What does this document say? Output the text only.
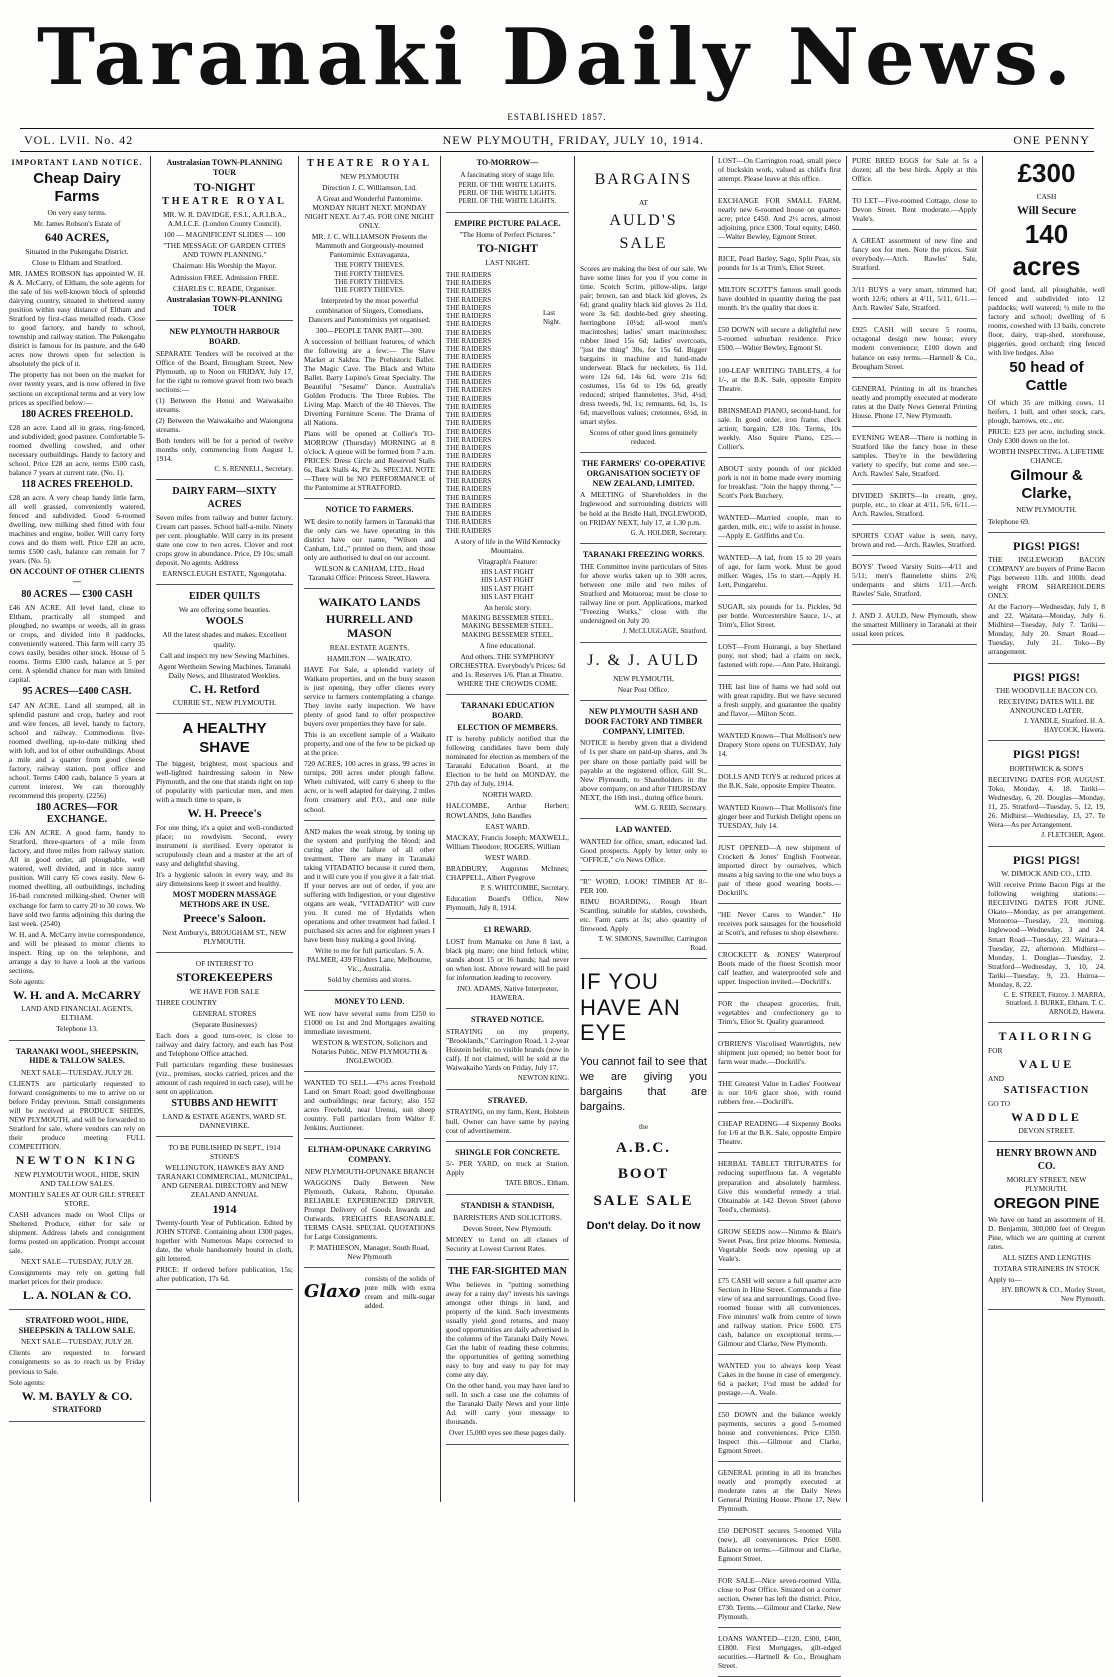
Taranaki Daily News.
ESTABLISHED 1857.
VOL. LVII. No. 42	NEW PLYMOUTH, FRIDAY, JULY 10, 1914.	ONE PENNY
IMPORTANT LAND NOTICE.
Cheap Dairy Farms

On very easy terms.

Mr. James Robson's Estate of

640 ACRES,

Situated in the Pukengahu District.

Close to Eltham and Stratford.

MR. JAMES ROBSON has appointed W. H. & A. McCarry, of Eltham, the sole agents for the sale of his well-known block of splendid dairying country, situated in sheltered sunny position within easy distance of Eltham and Stratford by first-class metalled roads. Close to good factory, and handy to school, township and railway station. The Pukengahu district is famous for its pasture, and the 640 acres now thrown open for selection is absolutely the pick of it.

The property has not been on the market for over twenty years, and is now offered in five sections on exceptional terms and at very low prices as specified below:—

180 ACRES FREEHOLD.

£28 an acre. Land all in grass, ring-fenced, and subdivided; good pasture. Comfortable 5-roomed dwelling cowshed, and other necessary outbuildings. Handy to factory and school. Price £28 an acre, terms £500 cash, balance 7 years at current rate. (No. 1).

118 ACRES FREEHOLD.

£28 an acre. A very cheap handy little farm, all well grassed, conveniently watered, fenced and subdivided. Good 6-roomed dwelling, new milking shed fitted with four machines and engine, boiler. Will carry forty cows and do them well. Price £28 an acre, terms £500 cash, balance can remain for 7 years. (No. 5).

ON ACCOUNT OF OTHER CLIENTS—
80 ACRES — £300 CASH

£46 AN ACRE. All level land, close to Eltham, practically all stumped and ploughed, no swamps or weeds, all in grass or crops, and divided into 8 paddocks, conveniently watered. This farm will carry 35 cows easily, besides other stock. House of 5 rooms. Terms £300 cash, balance at 5 per cent. A splendid chance for man with limited capital.

95 ACRES—£400 CASH.

£47 AN ACRE. Land all stumped, all in splendid pasture and crop, barley and root and wire fences, all level, handy to factory, school and railway. Commodious five-roomed dwelling, up-to-date milking shed with loft, and lot of other outbuildings. About a mile and a quarter from good cheese factory, railway station, post office and school. Terms £400 cash, balance 5 years at current interest. We can thoroughly recommend this property. (2256)

180 ACRES—FOR EXCHANGE.

£36 AN ACRE. A good farm, handy to Stratford, three-quarters of a mile from factory, and three miles from railway station. All in good order, all ploughable, well watered, well divided, and in nice sunny position. Will carry 65 cows easily. New 6-roomed dwelling, all outbuildings, including 16-bail concreted milking-shed. Owner will exchange for farm to carry 20 to 30 cows. We have sold two farms adjoining this during the last week. (2540)

W. H. and A. McCarry invite correspondence, and will be pleased to motor clients to inspect. Ring up on the telephone, and arrange a day to have a look at the various sections.

Sole agents:

W. H. and A. McCARRY

LAND AND FINANCIAL AGENTS, ELTHAM.

Telephone 13.

TARANAKI WOOL, SHEEPSKIN, HIDE & TALLOW SALES.

NEXT SALE—TUESDAY, JULY 28.

CLIENTS are particularly requested to forward consignments to me to arrive on or before Friday previous. Small consignments will be received at PRODUCE SHEDS, NEW PLYMOUTH, and will be forwarded to Stratford for sale, where vendors can rely on their produce meeting FULL COMPETITION.

NEWTON KING

NEW PLYMOUTH WOOL, HIDE, SKIN AND TALLOW SALES.

MONTHLY SALES AT OUR GILL STREET STORE.

CASH advances made on Wool Clips or Sheltered Produce, either for sale or shipment. Address labels and consignment forms posted on application. Prompt account sale.

NEXT SALE—TUESDAY, JULY 28.

Consignments may rely on getting full market prices for their produce.

L. A. NOLAN & CO.
STRATFORD WOOL, HIDE, SHEEPSKIN & TALLOW SALE.

NEXT SALE—TUESDAY, JULY 28.

Clients are requested to forward consignments so as to reach us by Friday previous to Sale.

Sole agents:

W. M. BAYLY & CO.
STRATFORD
Australasian TOWN-PLANNING TOUR
TO-NIGHT
THEATRE ROYAL

MR. W. R. DAVIDGE, F.S.I., A.R.I.B.A., A.M.I.C.E. (London County Council).

100 — MAGNIFICENT SLIDES — 100

"THE MESSAGE OF GARDEN CITIES AND TOWN PLANNING."

Chairman: His Worship the Mayor.

Admission FREE. Admission FREE.

CHARLES C. READE, Organiser.

Australasian TOWN-PLANNING TOUR
NEW PLYMOUTH HARBOUR BOARD.

SEPARATE Tenders will be received at the Office of the Board, Brougham Street, New Plymouth, up to Noon on FRIDAY, July 17, for the right to remove gravel from two beach sections:—

(1) Between the Henui and Waiwakaiho streams.

(2) Between the Waiwakaiho and Waiongona streams.

Both tenders will be for a period of twelve months only, commencing from August 1, 1914.

C. S. RENNELL, Secretary.

DAIRY FARM—SIXTY ACRES

Seven miles from railway and butter factory. Cream cart passes. School half-a-mile. Ninety per cent. ploughable. Will carry in its present state one cow to two acres. Clover and root crops grow in abundance. Price, £9 10s; small deposit. No agents. Address

EARNSCLEUGH ESTATE, Ngongotaha.

EIDER QUILTS

We are offering some beauties.

WOOLS

All the latest shades and makes. Excellent quality.

Call and inspect my new Sewing Machines.

Agent Wertheim Sewing Machines, Taranaki Daily News, and Illustrated Weeklies.

C. H. Retford

CURRIE ST., NEW PLYMOUTH.

A HEALTHY SHAVE

The biggest, brightest, most spacious and well-lighted hairdressing saloon in New Plymouth, and the one that stands right on top of popularity with particular men, and men with a much time to spare, is

W. H. Preece's

For one thing, it's a quiet and well-conducted place; no rowdyism. Second, every instrument is sterilised. Every operator is scrupulously clean and a master at the art of easy and delightful shaving.

It's a hygienic saloon in every way, and its airy dimensions keep it sweet and healthy.

MOST MODERN MASSAGE METHODS ARE IN USE.
Preece's Saloon.

Next Ambury's, BROUGHAM ST., NEW PLYMOUTH.

OF INTEREST TO

STOREKEEPERS

WE HAVE FOR SALE

THREE COUNTRY

GENERAL STORES

(Separate Businesses)

Each does a good turn-over, is close to railway and dairy factory, and each has Post and Telephone Office attached.

Full particulars regarding these businesses (viz., premises, stocks carried, prices and the amount of cash required in each case), will be sent on application.

STUBBS AND HEWITT

LAND & ESTATE AGENTS, WARD ST. DANNEVIRKE.

TO BE PUBLISHED IN SEPT., 1914 STONE'S

WELLINGTON, HAWKE'S BAY AND TARANAKI COMMERCIAL, MUNICIPAL, AND GENERAL DIRECTORY and NEW ZEALAND ANNUAL

1914

Twenty-fourth Year of Publication. Edited by JOHN STONE. Containing about 1300 pages, together with Numerous Maps corrected to date, the whole handsomely bound in cloth, gilt lettered.

PRICE: If ordered before publication, 15s; after publication, 17s 6d.

THEATRE ROYAL

NEW PLYMOUTH

Direction J. C. Williamson, Ltd.

A Great and Wonderful Pantomime. MONDAY NIGHT NEXT. MONDAY NIGHT NEXT. At 7.45. FOR ONE NIGHT ONLY.

MR. J. C. WILLIAMSON Presents the Mammoth and Gorgeously-mounted Pantomimic Extravaganza,

THE FORTY THIEVES.
THE FORTY THIEVES.
THE FORTY THIEVES.
THE FORTY THIEVES.

Interpreted by the most powerful combination of Singers, Comedians, Dancers and Pantomimists yet organised.

300—PEOPLE TANK PART—300.

A succession of brilliant features, of which the following are a few:— The Slave Market at Sakhra. The Prehistoric Ballet. The Magic Cave. The Black and White Ballet. Barry Lupino's Great Specialty. The Beautiful "Sesame" Dance. Australia's Golden Products. The Three Rubies. The Living Map. March of the 40 Thieves. The Diverting Furniture Scene. The Drama of all Nations.

Plans will be opened at Collier's TO-MORROW (Thursday) MORNING at 8 o'clock. A queue will be formed from 7 a.m. PRICES: Dress Circle and Reserved Stalls 6s, Back Stalls 4s, Pit 2s. SPECIAL NOTE—There will be NO PERFORMANCE of the Pantomime at STRATFORD.

NOTICE TO FARMERS.

WE desire to notify farmers in Taranaki that the only cars we have operating in this district have our name, "Wilson and Canham, Ltd.," printed on them, and those only are authorised to deal on our account.

WILSON & CANHAM, LTD., Head Taranaki Office: Princess Street, Hawera.

WAIKATO LANDS
HURRELL AND MASON

REAL ESTATE AGENTS.

HAMILTON — WAIKATO.

HAVE For Sale, a splendid variety of Waikato properties, and on the busy season is just opening, they offer clients every service to farmers contemplating a change. They invite early inspection. We have plenty of good land to offer prospective buyers over properties they have for sale.

This is an excellent sample of a Waikato property, and one of the few to be picked up at the price.

720 ACRES, 100 acres in grass, 99 acres in turnips, 200 acres under plough fallow. When cultivated, will carry 6 sheep to the acre, or is well adapted for dairying. 2 miles from creamery and P.O., and one mile school.

AND makes the weak strong, by toning up the system and purifying the blood; and curing after the failure of all other treatment. There are many in Taranaki taking VITADATIO because it cured them, and it will cure you if you give it a fair trial. If your nerves are out of order, if you are suffering with Indigestion, or your digestive organs are weak, "VITADATIO" will cure you. It cured me of Hydatids when operations and other treatment had failed. I purchased six acres and for eighteen years I have been busy making a good living.

Write to me for full particulars. S. A. PALMER, 439 Flinders Lane, Melbourne, Vic., Australia.

Sold by chemists and stores.

MONEY TO LEND.

WE now have several sums from £250 to £1000 on 1st and 2nd Mortgages awaiting immediate investment.

WESTON & WESTON, Solicitors and Notaries Public, NEW PLYMOUTH & INGLEWOOD.

WANTED TO SELL—47½ acres Freehold Land on Smart Road; good dwellinghouse and outbuildings; near factory; also 152 acres Freehold, near Urenui, suit sheep country. Full particulars from Walter F. Jenkins, Auctioneer.

ELTHAM-OPUNAKE CARRYING COMPANY.

NEW PLYMOUTH-OPUNAKE BRANCH

WAGGONS Daily Between New Plymouth, Oakura, Rahotu, Opunake. RELIABLE EXPERIENCED DRIVER. Prompt Delivery of Goods Inwards and Outwards. FREIGHTS REASONABLE. TERMS CASH. SPECIAL QUOTATIONS for Large Consignments.

P. MATHIESON, Manager, South Road, New Plymouth

Glaxo

consists of the solids of pure milk with extra cream and milk-sugar added.

TO-MORROW—

A fascinating story of stage life.

PERIL OF THE WHITE LIGHTS.
PERIL OF THE WHITE LIGHTS.
PERIL OF THE WHITE LIGHTS.
EMPIRE PICTURE PALACE.

"The Home of Perfect Pictures."

TO-NIGHT

LAST NIGHT.

THE RAIDERS
THE RAIDERS
THE RAIDERS
THE RAIDERS
THE RAIDERS
THE RAIDERS
THE RAIDERS
THE RAIDERS
THE RAIDERS
THE RAIDERS
THE RAIDERS
THE RAIDERS
THE RAIDERS
THE RAIDERS
THE RAIDERS
THE RAIDERS
THE RAIDERS
THE RAIDERS
THE RAIDERS
THE RAIDERS
THE RAIDERS
THE RAIDERS
THE RAIDERS
THE RAIDERS
THE RAIDERS
THE RAIDERS
THE RAIDERS
THE RAIDERS
THE RAIDERS
THE RAIDERS
THE RAIDERS
THE RAIDERS
Last Night.

A story of life in the Wild Kentucky Mountains.

Vitagraph's Feature:

HIS LAST FIGHT
HIS LAST FIGHT
HIS LAST FIGHT
HIS LAST FIGHT

An heroic story.

MAKING BESSEMER STEEL.
MAKING BESSEMER STEEL.
MAKING BESSEMER STEEL.

A fine educational.

And others. THE SYMPHONY ORCHESTRA. Everybody's Prices: 6d and 1s. Reserves 1/6. Plan at Theatre. WHERE THE CROWDS COME.

TARANAKI EDUCATION BOARD.
ELECTION OF MEMBERS.

IT is hereby publicly notified that the following candidates have been duly nominated for election as members of the Taranaki Education Board, at the Election to be held on MONDAY, the 27th day of July, 1914.

NORTH WARD.

HALCOMBE, Arthur Herbert; ROWLANDS, John Bandles

EAST WARD.

MACKAY, Francis Joseph; MAXWELL, William Theodore; ROGERS, William

WEST WARD.

BRADBURY, Augustus McInnes; CHAPPELL, Albert Pyegrove

P. S. WHITCOMBE, Secretary.

Education Board's Office, New Plymouth, July 8, 1914.

£1 REWARD.

LOST from Mamaku on June 8 last, a black pig mare; one hind fetlock white; stands about 15 or 16 hands; had never on when lost. Above reward will be paid for information leading to recovery.

JNO. ADAMS, Native Interpreter, HAWERA.

STRAYED NOTICE.

STRAYING on my property, "Brooklands," Carrington Road, 1 2-year Hoistein heifer, no visible brands (now in calf). If not claimed, will be sold at the Waiwakaiho Yards on Friday, July 17.

NEWTON KING.

STRAYED.

STRAYING, on my farm, Kent, Holstein bull. Owner can have same by paying cost of advertisement.

SHINGLE FOR CONCRETE.

5/- PER YARD, on truck at Station. Apply

TATE BROS., Eltham.

STANDISH & STANDISH,

BARRISTERS AND SOLICITORS.

Devon Street, New Plymouth.

MONEY to Lend on all classes of Security at Lowest Current Rates.

THE FAR-SIGHTED MAN

Who believes in "putting something away for a rainy day" invests his savings amongst other things in land, and property of the kind. Such investments usually yield good returns, and many good opportunities are daily advertised in the columns of the Taranaki Daily News. Get the habit of reading these columns; the opportunities of getting something easy to buy and easy to pay for may come any day.

On the other hand, you may have land to sell. In such a case use the columns of the Taranaki Daily News and your little Ad. will carry your message to thousands.

Over 15,000 eyes see these pages daily.

BARGAINS

AT

AULD'S
SALE

Scores are making the best of our sale. We have some lines for you if you come in time. Scotch Scrim, pillow-slips, large pair; brown, tan and black kid gloves, 2s 6d; grand quality black kid gloves 2s 11d, were 3s 6d; double-bed grey sheeting, herringbone 10½d; all-wool men's macintoshes; ladies' smart macintoshes; rubber lined 15s 6d; ladies' overcoats, "just the thing" 30s, for 15s 6d. Bigger bargains in machine and hand-made underwear. Black fur neckelets, 6s 11d, were 12s 6d, 14s 6d, were 21s 6d; costumes, 15s 6d to 19s 6d, greatly reduced; striped flannelettes, 3¾d, 4½d; dress tweeds, 9d, 1s; remnants, 6d, 1s, 1s 6d; marvellous values; cretonnes, 6½d, in smart styles.

Scores of other good lines genuinely reduced.

THE FARMERS' CO-OPERATIVE ORGANISATION SOCIETY OF NEW ZEALAND, LIMITED.

A MEETING of Shareholders in the Inglewood and surrounding districts will be held at the Bridle Hall, INGLEWOOD, on FRIDAY NEXT, July 17, at 1.30 p.m.

G. A. HOLDER, Secretary.

TARANAKI FREEZING WORKS.

THE Committee invite particulars of Sites for above works taken up to 300 acres, between one mile and two miles of Stratford and Motuoroa; must be close to railway line or port. Applications, marked "Freezing Works," close with the undersigned on July 20.

J. McCLUGGAGE, Stratford.

J. & J. AULD

NEW PLYMOUTH,

Near Post Office.

NEW PLYMOUTH SASH AND DOOR FACTORY AND TIMBER COMPANY, LIMITED.

NOTICE is hereby given that a dividend of 1s per share on paid-up shares, and 3s per share on those partially paid will be payable at the registered office, Gill St., New Plymouth, to Shareholders in the above company, on and after THURSDAY NEXT, the 16th inst., during office hours.

WM. G. REID, Secretary.

LAD WANTED.

WANTED for office, smart, educated lad. Good prospects. Apply by letter only to "OFFICE," c/o News Office.

"R" WORD, LOOK! TIMBER AT 8/- PER 100.

RIMU BOARDING, Rough Heart Scantling, suitable for stables, cowsheds, etc. Farm carts at 3s; also quantity of firewood. Apply

T. W. SIMONS, Sawmiller, Carrington Road.

IF YOU
HAVE AN
EYE

You cannot fail to see that we are giving you bargains that are bargains.

the

A.B.C.
BOOT
SALE SALE
Don't delay. Do it now

LOST—On Carrington road, small piece of buckskin work, valued as child's first attempt. Please leave at this office.

EXCHANGE FOR SMALL FARM, nearly new 6-roomed house on quarter-acre; price £450. And 2½ acres, almost adjoining, price £300. Total equity, £460.—Walter Bewley, Egmont Street.

RICE, Pearl Barley, Sago, Split Peas, six pounds for 1s at Trim's, Eliot Street.

MILTON SCOTT'S famous small goods have doubled in quantity during the past month. It's the quality that does it.

£50 DOWN will secure a delightful new 5-roomed suburban residence. Price £500.—Walter Bewley, Egmont St.

100-LEAF WRITING TABLETS, 4 for 1/-, at the B.K. Sale, opposite Empire Theatre.

BRINSMEAD PIANO, second-hand, for sale. In good order, iron frame, check action; bargain, £28 10s. Terms, 10s weekly. Also Squire Piano, £25.—Collier's.

ABOUT sixty pounds of our pickled pork is not in home made every morning for breakfast. "Join the happy throng."—Scott's Pork Butchery.

WANTED—Married couple, man to garden, milk, etc.; wife to assist in house.—Apply E. Griffiths and Co.

WANTED—A lad, from 15 to 20 years of age, for farm work. Must be good milker. Wages, 15s to start.—Apply H. Lett, Pungarehu.

SUGAR, six pounds for 1s. Pickles, 9d per bottle. Worcestershire Sauce, 1/-, at Trim's, Eliot Street.

LOST—From Huirangi, a bay Shetland pony, not shod; had a claim on neck, fastened with rope.—Ann Pate, Huirangi.

THE last line of hams we had sold out with great rapidity. But we have secured a fresh supply, and guarantee the quality and flavor.—Milton Scott.

WANTED Known—That Mollison's new Drapery Store opens on TUESDAY, July 14.

DOLLS AND TOYS at reduced prices at the B.K. Sale, opposite Empire Theatre.

WANTED Known—That Mollison's fine ginger beer and Turkish Delight opens on TUESDAY, July 14.

JUST OPENED—A new shipment of Crockett & Jones' English Footwear, imported direct by ourselves, which means a big saving to the one who buys a pair of these good wearing boots.—Dockrill's.

"HE Never Cares to Wander." He receives pork sausages for the household at Scott's, and refuses to shop elsewhere.

CROCKETT & JONES' Waterproof Boots made of the finest Scottish moor calf leather, and waterproofed sole and upper. Inspection invited.—Dockrill's.

FOR the cheapest groceries, fruit, vegetables and confectionery go to Trim's, Eliot St. Quality guaranteed.

O'BRIEN'S Viscolised Watertights, new shipment just opened; no better boot for farm wear made.—Dockrill's.

THE Greatest Value in Ladies' Footwear is our 10/6 glace shoe, with round rubbers free.—Dockrill's.

CHEAP READING—4 Sixpenny Books for 1/6 at the B.K. Sale, opposite Empire Theatre.

HERBAL TABLET TRITURATES for reducing superfluous fat. A vegetable preparation and absolutely harmless. Give this wonderful remedy a trial. Obtainable at 142 Devon Street (above Teed's, chemists).

GROW SEEDS now—Nimmo & Blair's Sweet Peas, first prize blooms. Nemesia, Vegetable Seeds now opening up at Veale's.

£75 CASH will secure a full quarter acre Section in Hine Street. Commands a fine view of sea and surroundings. Good five-roomed house with all conveniences. Five minutes' walk from centre of town and railway station. Price £600. £75 cash, balance on exceptional terms.—Gilmour and Clarke, New Plymouth.

WANTED you to always keep Yeast Cakes in the house in case of emergency. 6d a packet; 1½d must be added for postage.—A. Veale.

£50 DOWN and the balance weekly payments, secures a good 5-roomed house and conveniences. Price £350. Inspect this.—Gilmour and Clarke, Egmont Street.

GENERAL printing in all its branches neatly and promptly executed at moderate rates at the Daily News General Printing House. Phone 17, New Plymouth.

£50 DEPOSIT secures 5-roomed Villa (new), all conveniences. Price £600. Balance on terms.—Gilmour and Clarke, Egmont Street.

FOR SALE—Nice seven-roomed Villa, close to Post Office. Situated on a corner section. Owner has left the district. Price, £730. Terms.—Gilmour and Clarke, New Plymouth.

LOANS WANTED—£120, £300, £400, £1800. First Mortgages, gilt-edged securities.—Hartnell & Co., Brougham Street.

PURE BRED EGGS for Sale at 5s a dozen; all the best birds. Apply at this Office.

TO LET—Five-roomed Cottage, close to Devon Street. Rent moderate.—Apply Veale's.

A GREAT assortment of new fine and fancy sox for men. Note the prices. Suit everybody.—Arch. Rawles' Sale, Stratford.

3/11 BUYS a very smart, trimmed hat; worth 12/6; others at 4/11, 5/11, 6/11.—Arch. Rawles' Sale, Stratford.

£925 CASH will secure 5 rooms, octagonal design new house; every modern convenience; £100 down and balance on easy terms.—Hartnell & Co., Brougham Street.

GENERAL Printing in all its branches neatly and promptly executed at moderate rates at the Daily News General Printing House. Phone 17, New Plymouth.

EVENING WEAR—There is nothing in Stratford like the fancy hose in these samples. They're in the bewildering variety to specify, but come and see.—Arch. Rawles' Sale, Stratford.

DIVIDED SKIRTS—In cream, grey, purple, etc., to clear at 4/11, 5/6, 6/11.—Arch. Rawles, Stratford.

SPORTS COAT value is seen, navy, brown and red.—Arch. Rawles, Stratford.

BOYS' Tweed Varsity Suits—4/11 and 5/11; men's flannelette shirts 2/6; underpants and shirts 1/11.—Arch. Rawles' Sale, Stratford.

J. AND J. AULD, New Plymouth, show the smartest Millinery in Taranaki at their usual keen prices.

£300

CASH

Will Secure
140 acres

Of good land, all ploughable, well fenced and subdivided into 12 paddocks; well watered; ½ mile to the factory and school; dwelling of 6 rooms, cowshed with 13 bails, concrete floor, dairy, trap-shed, storehouse, piggeries, good orchard; ring fenced with live hedges. Also

50 head of Cattle

Of which 35 are milking cows, 11 heifers, 1 bull, and other stock, cars, plough, harrows, etc., etc.

PRICE: £23 per acre, including stock. Only £300 down on the lot.

WORTH INSPECTING. A LIFETIME CHANCE.

Gilmour & Clarke,

NEW PLYMOUTH.

Telephone 69.

PIGS! PIGS!

THE INGLEWOOD BACON COMPANY are buyers of Prime Bacon Pigs between 11lb. and 100lb. dead weight FROM SHAREHOLDERS ONLY.

At the Factory—Wednesday, July 1, 8 and 22. Waitara—Monday, July 6. Midhirst—Tuesday, July 7. Tariki—Monday, July 20. Smart Road—Tuesday, July 21. Toko—By arrangement.

PIGS! PIGS!

THE WOODVILLE BACON CO.

RECEIVING DATES WILL BE ANNOUNCED LATER.

J. YANDLE, Stratford. H. A. HAYCOCK, Hawera.

PIGS! PIGS!

BORTHWICK & SON'S

RECEIVING DATES FOR AUGUST. Toko, Monday, 4, 18. Tariki—Wednesday, 6, 20. Douglas—Monday, 11, 25. Stratford—Tuesday, 5, 12, 19, 26. Midhirst—Wednesday, 13, 27. Te Wera—As per Arrangement.

J. FLETCHER, Agent.

PIGS! PIGS!

W. DIMOCK AND CO., LTD.

Will receive Prime Bacon Pigs at the following weighing stations:— RECEIVING DATES FOR JUNE. Okato—Monday, as per arrangement. Motuoroa—Tuesday, 23, morning. Inglewood—Wednesday, 3 and 24. Smart Road—Tuesday, 23. Waitara—Tuesday, 22, afternoon. Midhirst—Monday, 1. Douglas—Tuesday, 2. Stratford—Wednesday, 3, 10, 24. Tariki—Tuesday, 9, 23. Huiroa—Monday, 8, 22.

C. E. STREET, Fitzroy. J. MARRA, Stratford. J. BURKE, Eltham. T. C. ARNOLD, Hawera.

TAILORING

FOR

VALUE

AND

SATISFACTION

GO TO

WADDLE

DEVON STREET.

HENRY BROWN AND CO.

MORLEY STREET, NEW PLYMOUTH.

OREGON PINE

We have on hand an assortment of H. D. Benjamin, 300,000 feet of Oregon Pine, which we are quitting at current rates.

ALL SIZES AND LENGTHS

TOTARA STRAINERS IN STOCK

Apply to—

HY. BROWN & CO., Morley Street, New Plymouth.
